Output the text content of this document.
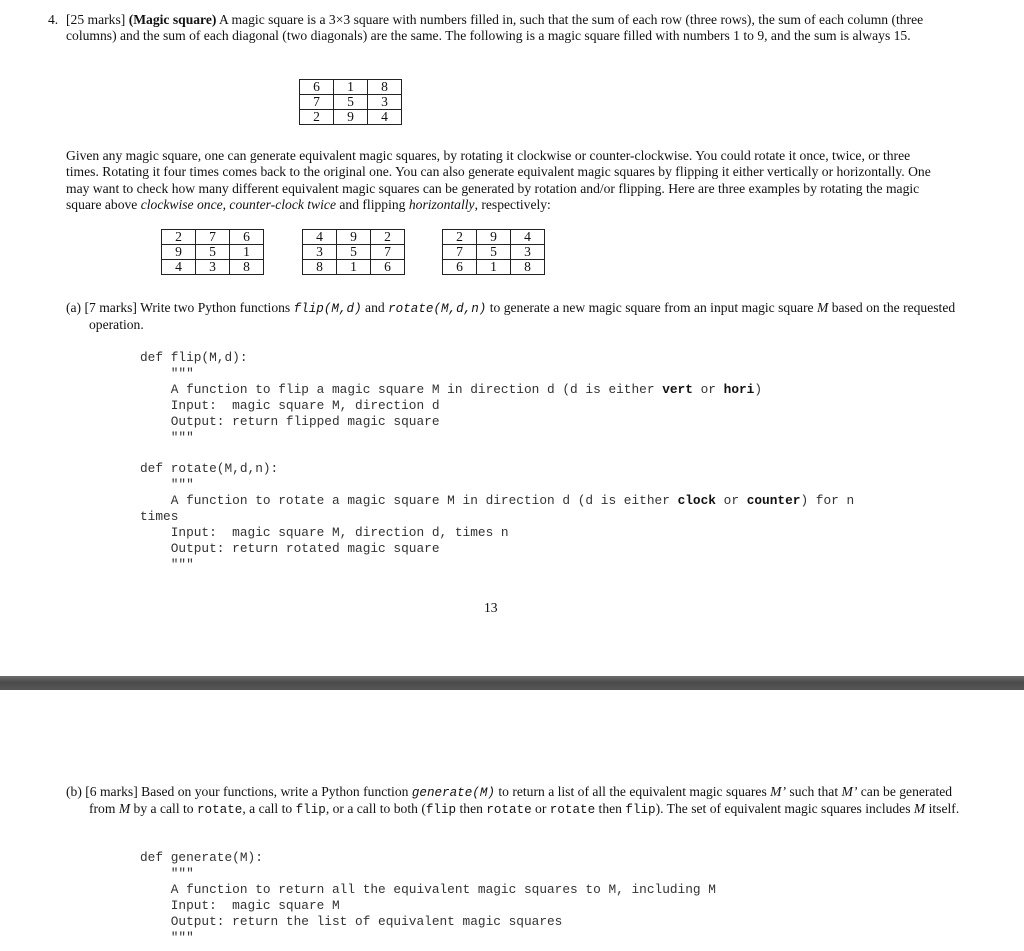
4. [25 marks] (Magic square) A magic square is a 3×3 square with numbers filled in, such that the sum of each row (three rows), the sum of each column (three columns) and the sum of each diagonal (two diagonals) are the same. The following is a magic square filled with numbers 1 to 9, and the sum is always 15.
6	1	8
7	5	3
2	9	4
Given any magic square, one can generate equivalent magic squares, by rotating it clockwise or counter-clockwise. You could rotate it once, twice, or three times. Rotating it four times comes back to the original one. You can also generate equivalent magic squares by flipping it either vertically or horizontally. One may want to check how many different equivalent magic squares can be generated by rotation and/or flipping. Here are three examples by rotating the magic square above clockwise once, counter-clock twice and flipping horizontally, respectively:
2	7	6
9	5	1
4	3	8
4	9	2
3	5	7
8	1	6
2	9	4
7	5	3
6	1	8
(a) [7 marks] Write two Python functions flip(M,d) and rotate(M,d,n) to generate a new magic square from an input magic square M based on the requested operation.
def flip(M,d):
"""
A function to flip a magic square M in direction d (d is either vert or hori)
Input:  magic square M, direction d
Output: return flipped magic square
"""
def rotate(M,d,n):
"""
A function to rotate a magic square M in direction d (d is either clock or counter) for n
times
Input:  magic square M, direction d, times n
Output: return rotated magic square
"""
13
(b) [6 marks] Based on your functions, write a Python function generate(M) to return a list of all the equivalent magic squares M’ such that M’ can be generated from M by a call to rotate, a call to flip, or a call to both (flip then rotate or rotate then flip). The set of equivalent magic squares includes M itself.
def generate(M):
"""
A function to return all the equivalent magic squares to M, including M
Input:  magic square M
Output: return the list of equivalent magic squares
"""
